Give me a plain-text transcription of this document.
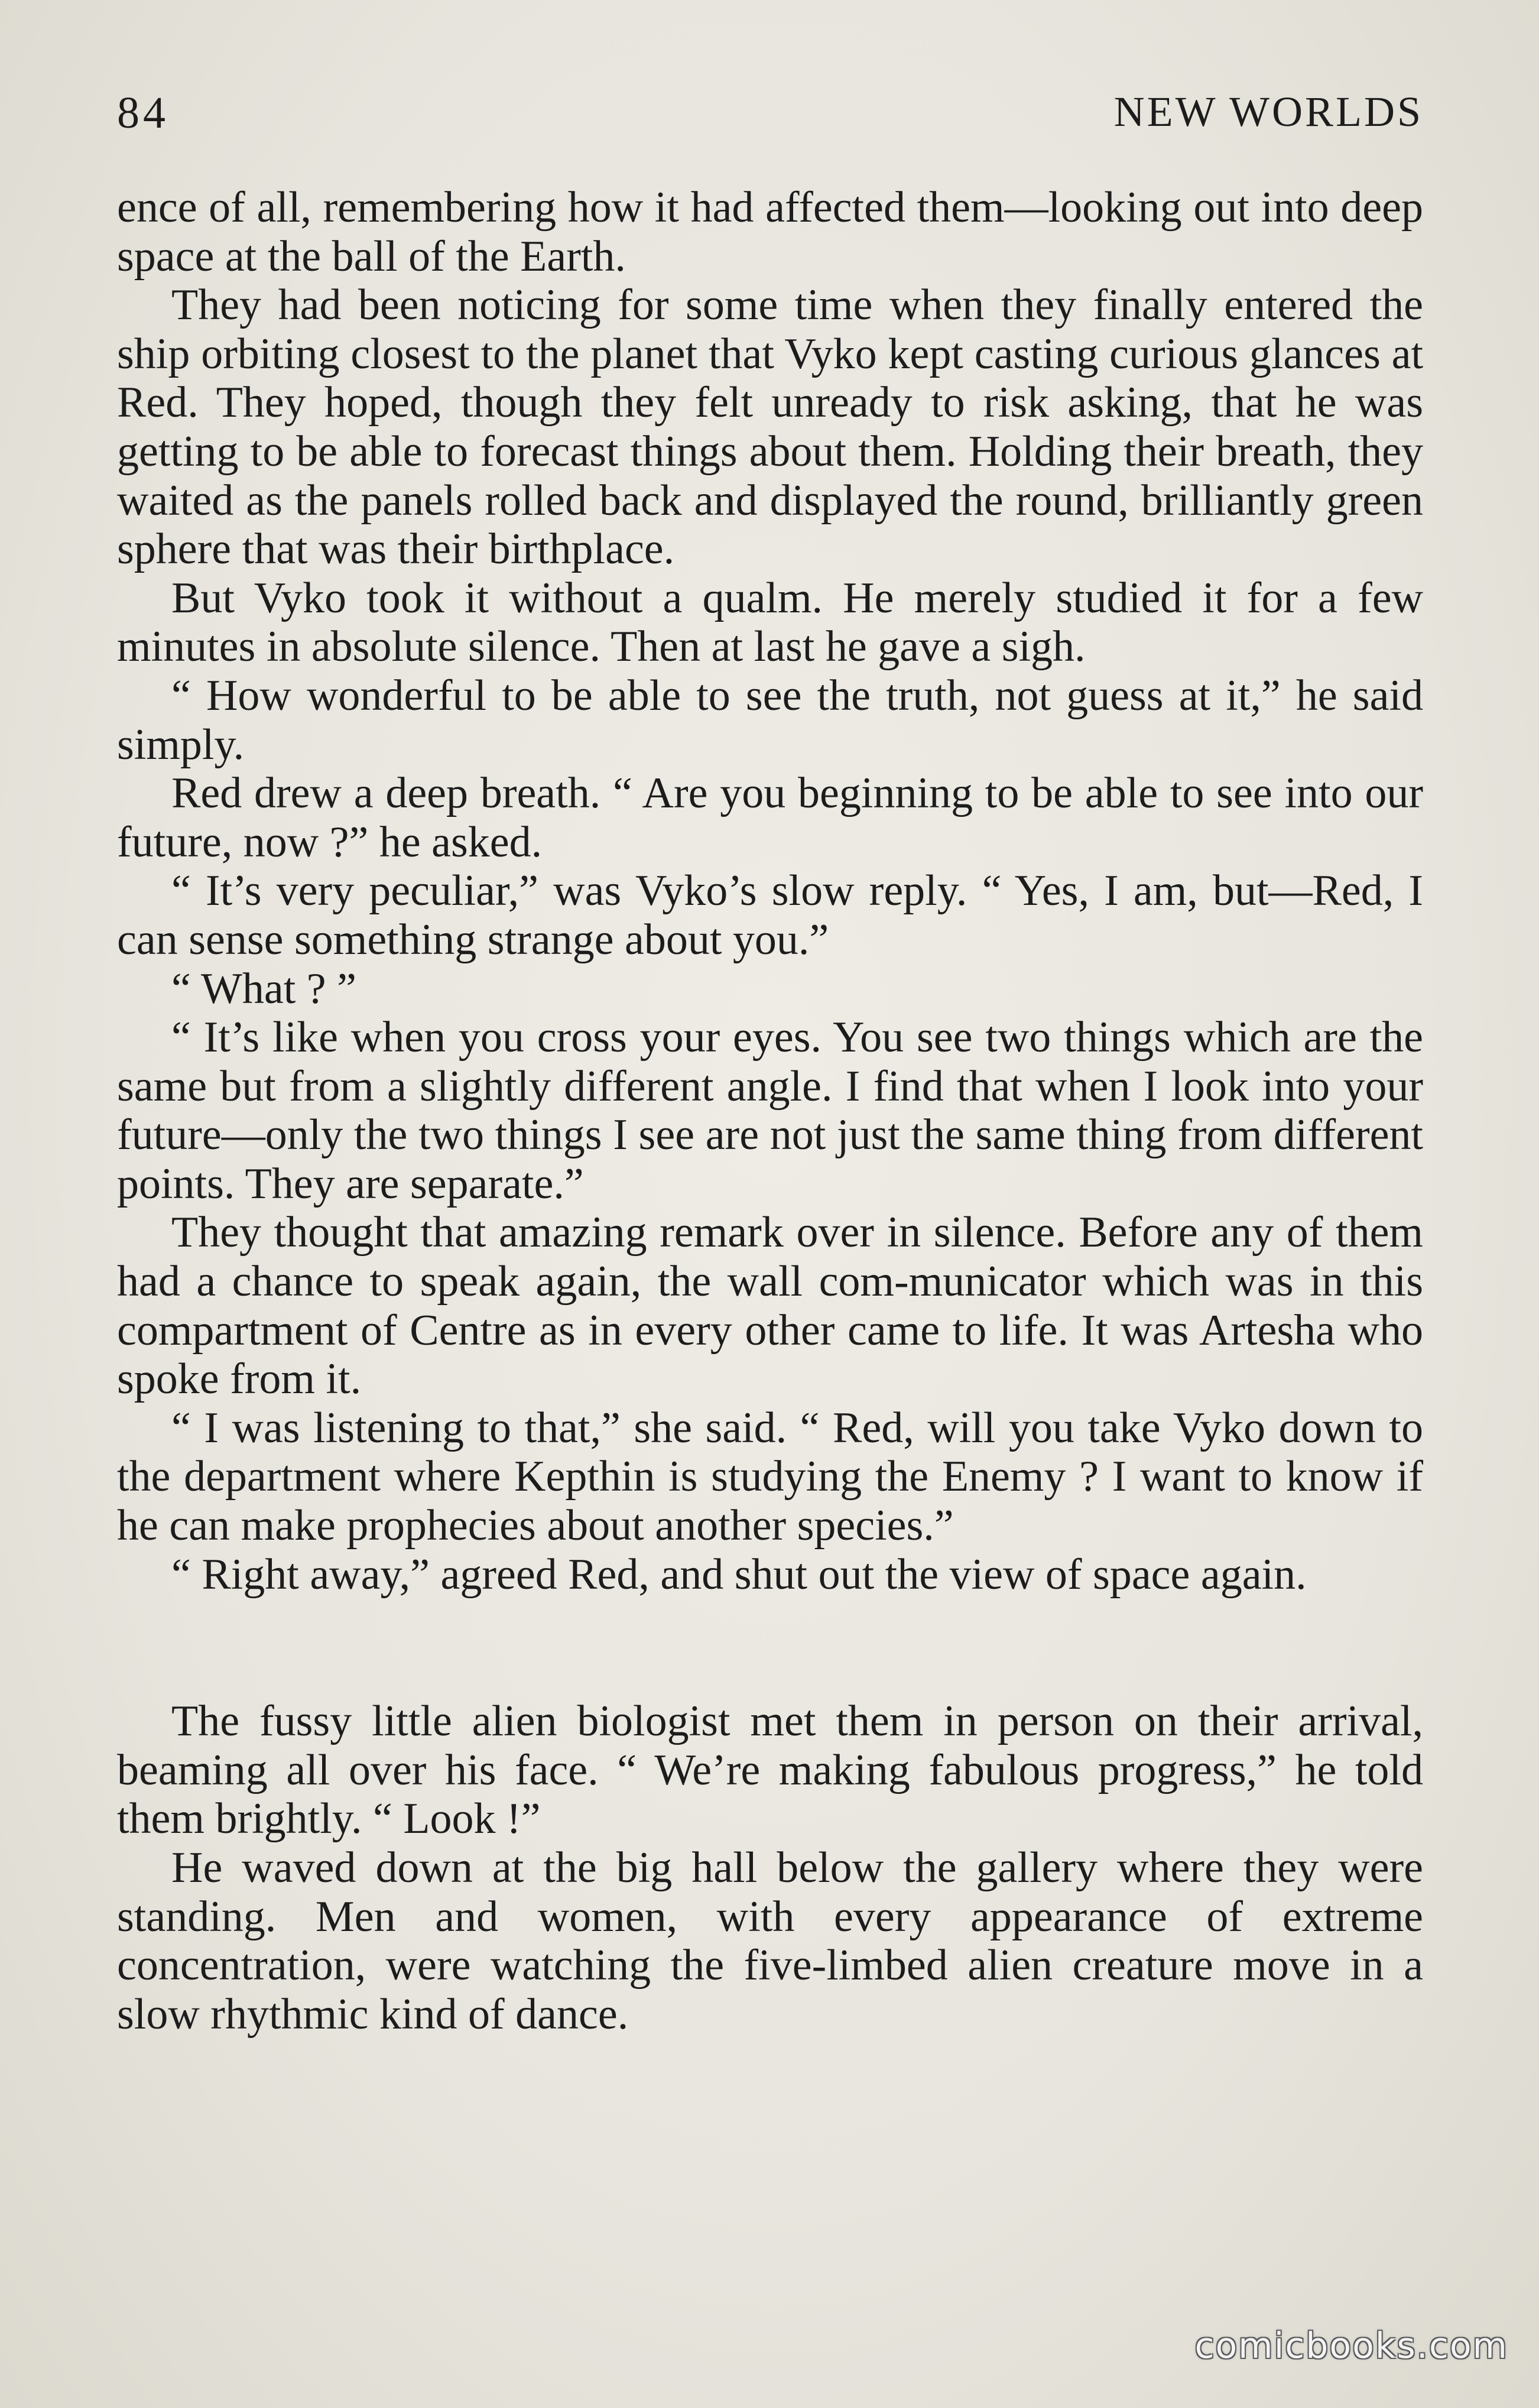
84	NEW WORLDS

ence of all, remembering how it had affected them—looking out into deep space at the ball of the Earth.

They had been noticing for some time when they finally entered the ship orbiting closest to the planet that Vyko kept casting curious glances at Red. They hoped, though they felt unready to risk asking, that he was getting to be able to forecast things about them. Holding their breath, they waited as the panels rolled back and displayed the round, brilliantly green sphere that was their birthplace.

But Vyko took it without a qualm. He merely studied it for a few minutes in absolute silence. Then at last he gave a sigh.

“ How wonderful to be able to see the truth, not guess at it,” he said simply.

Red drew a deep breath. “ Are you beginning to be able to see into our future, now ?” he asked.

“ It’s very peculiar,” was Vyko’s slow reply. “ Yes, I am, but—Red, I can sense something strange about you.”

“ What ? ”

“ It’s like when you cross your eyes. You see two things which are the same but from a slightly different angle. I find that when I look into your future—only the two things I see are not just the same thing from different points. They are separate.”

They thought that amazing remark over in silence. Before any of them had a chance to speak again, the wall com-municator which was in this compartment of Centre as in every other came to life. It was Artesha who spoke from it.

“ I was listening to that,” she said. “ Red, will you take Vyko down to the department where Kepthin is studying the Enemy ? I want to know if he can make prophecies about another species.”

“ Right away,” agreed Red, and shut out the view of space again.

The fussy little alien biologist met them in person on their arrival, beaming all over his face. “ We’re making fabulous progress,” he told them brightly. “ Look !”

He waved down at the big hall below the gallery where they were standing. Men and women, with every appearance of extreme concentration, were watching the five-limbed alien creature move in a slow rhythmic kind of dance.

comicbooks.com
